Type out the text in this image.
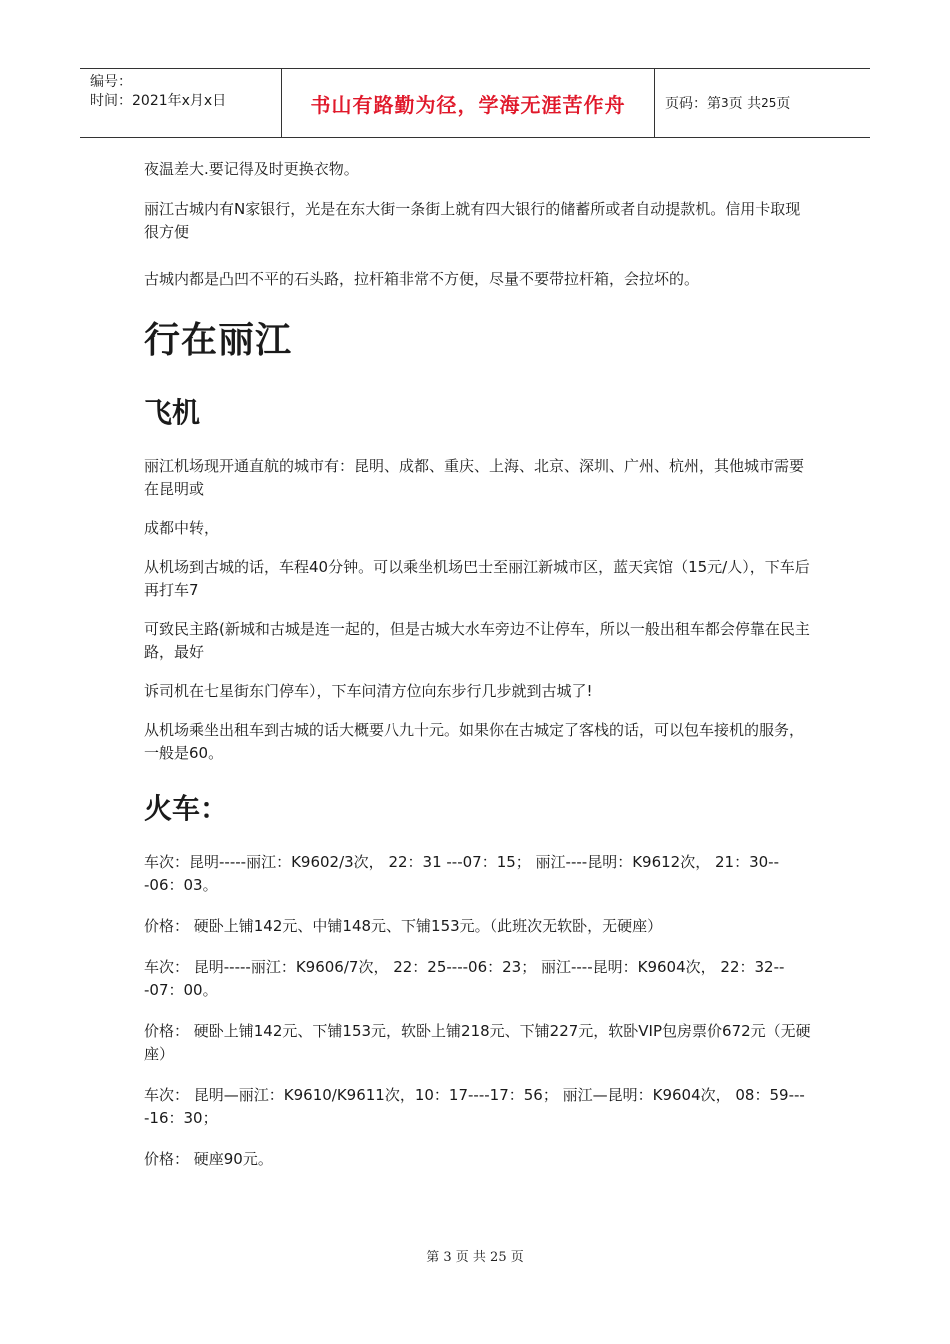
编号：
时间：2021年x月x日	书山有路勤为径，学海无涯苦作舟	页码：第 3 页 共 25 页

夜温差大.要记得及时更换衣物。

丽江古城内有N家银行，光是在东大街一条街上就有四大银行的储蓄所或者自动提款机。信用卡取现很方便

古城内都是凸凹不平的石头路，拉杆箱非常不方便，尽量不要带拉杆箱，会拉坏的。

行在丽江
飞机

丽江机场现开通直航的城市有：昆明、成都、重庆、上海、北京、深圳、广州、杭州，其他城市需要在昆明或

成都中转，

从机场到古城的话，车程40分钟。可以乘坐机场巴士至丽江新城市区，蓝天宾馆（15元/人），下车后再打车7

可致民主路(新城和古城是连一起的，但是古城大水车旁边不让停车，所以一般出租车都会停靠在民主路，最好

诉司机在七星街东门停车），下车问清方位向东步行几步就到古城了!

从机场乘坐出租车到古城的话大概要八九十元。如果你在古城定了客栈的话，可以包车接机的服务，一般是60。

火车：

车次：昆明-----丽江：K9602/3次， 22：31 ---07：15； 丽江----昆明：K9612次， 21：30---06：03。

价格： 硬卧上铺142元、中铺148元、下铺153元。（此班次无软卧，无硬座）

车次： 昆明-----丽江：K9606/7次， 22：25----06：23； 丽江----昆明：K9604次， 22：32---07：00。

价格： 硬卧上铺142元、下铺153元，软卧上铺218元、下铺227元，软卧VIP包房票价672元（无硬座）

车次： 昆明—丽江：K9610/K9611次，10：17----17：56； 丽江—昆明：K9604次， 08：59----16：30；

价格： 硬座90元。

第 3 页 共 25 页
